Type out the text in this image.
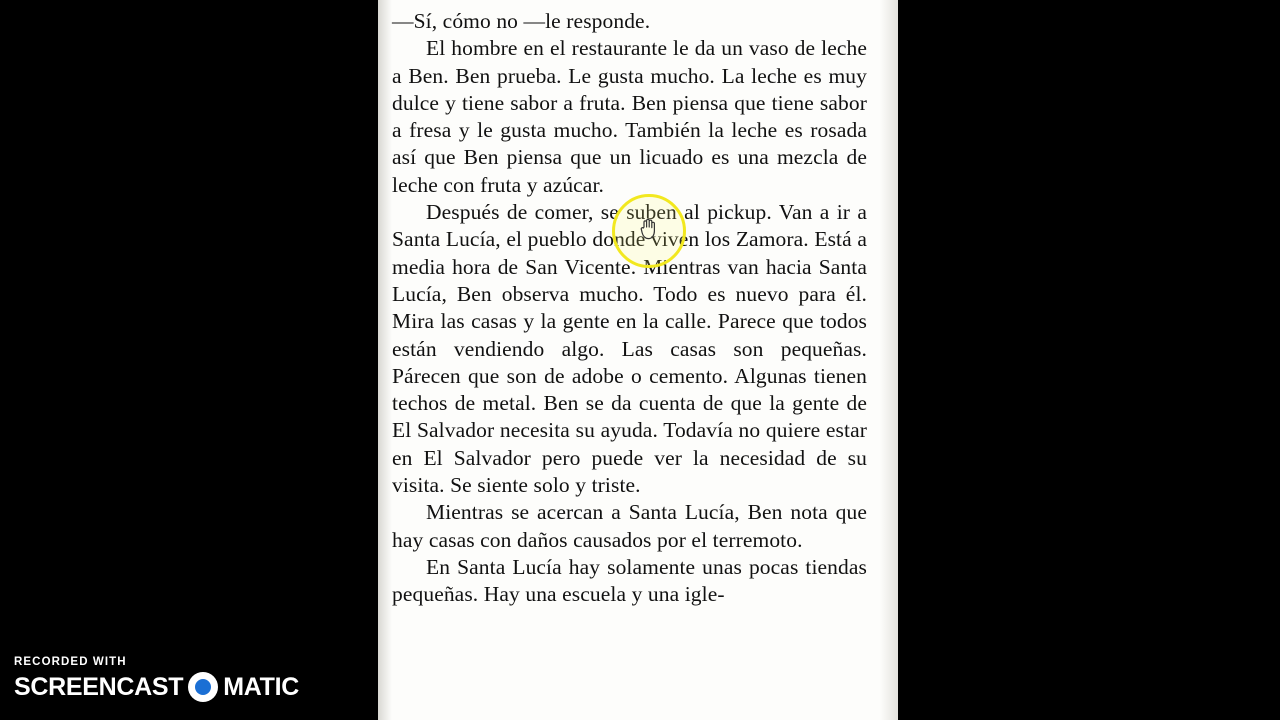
—Sí, cómo no —le responde.

El hombre en el restaurante le da un vaso de leche a Ben. Ben prueba. Le gusta mucho. La leche es muy dulce y tiene sabor a fruta. Ben piensa que tiene sabor a fresa y le gusta mucho. También la leche es rosada así que Ben piensa que un licuado es una mezcla de leche con fruta y azúcar.

Después de comer, se suben al pickup. Van a ir a Santa Lucía, el pueblo donde viven los Zamora. Está a media hora de San Vicente. Mientras van hacia Santa Lucía, Ben observa mucho. Todo es nuevo para él. Mira las casas y la gente en la calle. Parece que todos están vendiendo algo. Las casas son pequeñas. Párecen que son de adobe o cemento. Algunas tienen techos de metal. Ben se da cuenta de que la gente de El Salvador necesita su ayuda. Todavía no quiere estar en El Salvador pero puede ver la necesidad de su visita. Se siente solo y triste.

Mientras se acercan a Santa Lucía, Ben nota que hay casas con daños causados por el terremoto.

En Santa Lucía hay solamente unas pocas tiendas pequeñas. Hay una escuela y una igle-

RECORDED WITH
SCREENCAST MATIC
